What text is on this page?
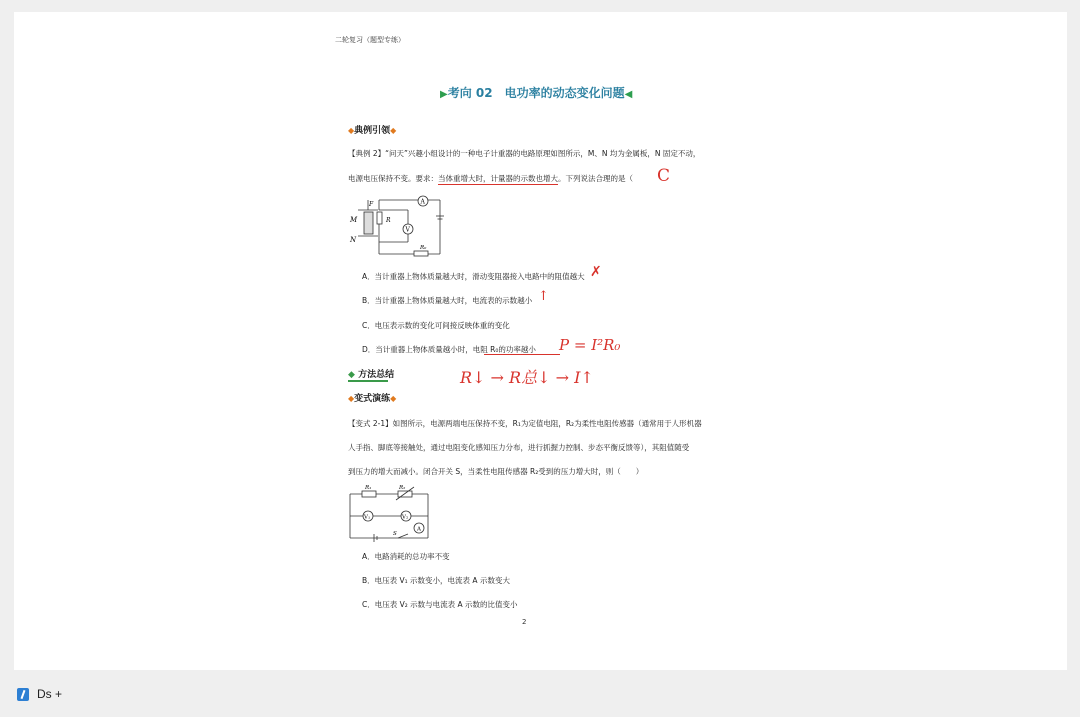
二轮复习（题型专练）
▶考向 02　电功率的动态变化问题◀
◆典例引领◆
【典例 2】“问天”兴趣小组设计的一种电子计重器的电路原理如图所示，M、N 均为金属板，N 固定不动，
电源电压保持不变。要求：当体重增大时，计量器的示数也增大。下列说法合理的是（ C
M
N
F
R
A
V
R₀
A．当计重器上物体质量越大时，滑动变阻器接入电路中的阻值越大 ✗
B．当计重器上物体质量越大时，电流表的示数越小 ↑
C．电压表示数的变化可间接反映体重的变化
D．当计重器上物体质量越小时，电阻 R₀的功率越小 P = I²R₀
◆ 方法总结	R↓ → R总↓ → I↑
◆变式演练◆
【变式 2-1】如图所示，电源两端电压保持不变，R₁为定值电阻，R₂为柔性电阻传感器（通常用于人形机器
人手指、脚底等接触处，通过电阻变化感知压力分布，进行抓握力控制、步态平衡反馈等），其阻值随受
到压力的增大而减小。闭合开关 S，当柔性电阻传感器 R₂受到的压力增大时，则（　　）
R₁	R₂
V₁	V₂
A
S
A．电路消耗的总功率不变
B．电压表 V₁ 示数变小，电流表 A 示数变大
C．电压表 V₂ 示数与电流表 A 示数的比值变小
2
Ds +
